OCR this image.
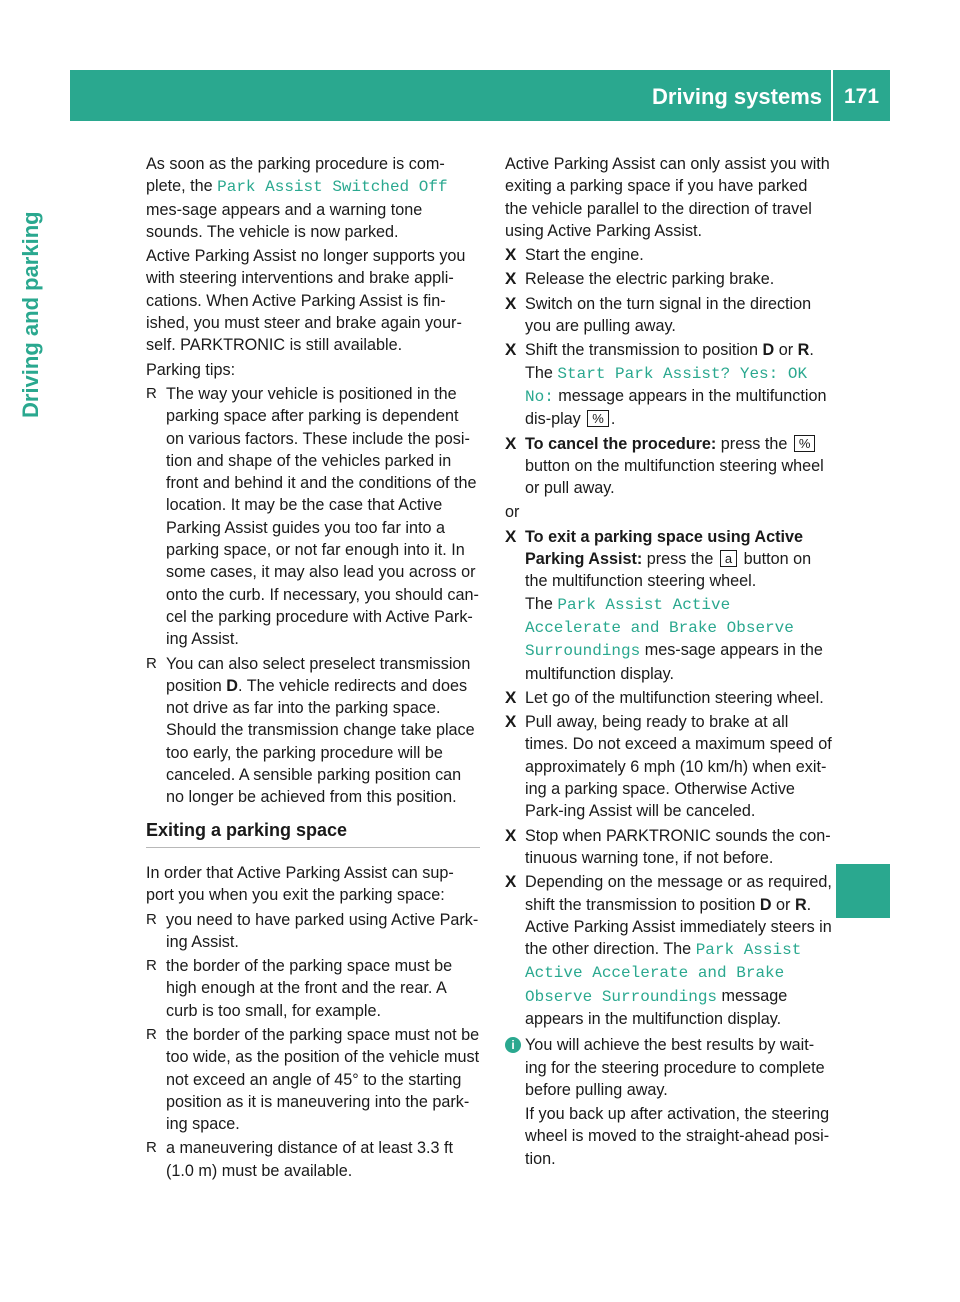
Driving systems	171
Driving and parking

As soon as the parking procedure is com-plete, the Park Assist Switched Off mes-sage appears and a warning tone sounds. The vehicle is now parked.

Active Parking Assist no longer supports you with steering interventions and brake appli-cations. When Active Parking Assist is fin-ished, you must steer and brake again your-self. PARKTRONIC is still available.

Parking tips:

R The way your vehicle is positioned in the parking space after parking is dependent on various factors. These include the posi-tion and shape of the vehicles parked in front and behind it and the conditions of the location. It may be the case that Active Parking Assist guides you too far into a parking space, or not far enough into it. In some cases, it may also lead you across or onto the curb. If necessary, you should can-cel the parking procedure with Active Park-ing Assist.
R You can also select preselect transmission position D. The vehicle redirects and does not drive as far into the parking space. Should the transmission change take place too early, the parking procedure will be canceled. A sensible parking position can no longer be achieved from this position.
Exiting a parking space

In order that Active Parking Assist can sup-port you when you exit the parking space:

R you need to have parked using Active Park-ing Assist.
R the border of the parking space must be high enough at the front and the rear. A curb is too small, for example.
R the border of the parking space must not be too wide, as the position of the vehicle must not exceed an angle of 45° to the starting position as it is maneuvering into the park-ing space.
R a maneuvering distance of at least 3.3 ft (1.0 m) must be available.

Active Parking Assist can only assist you with exiting a parking space if you have parked the vehicle parallel to the direction of travel using Active Parking Assist.

X Start the engine.
X Release the electric parking brake.
X Switch on the turn signal in the direction you are pulling away.
X Shift the transmission to position D or R.
The Start Park Assist? Yes: OK No: message appears in the multifunction dis-play % .
X To cancel the procedure: press the % button on the multifunction steering wheel or pull away.

or

X To exit a parking space using Active Parking Assist: press the a button on the multifunction steering wheel.
The Park Assist Active Accelerate and Brake Observe Surroundings mes-sage appears in the multifunction display.
X Let go of the multifunction steering wheel.
X Pull away, being ready to brake at all times. Do not exceed a maximum speed of approximately 6 mph (10 km/h) when exit-ing a parking space. Otherwise Active Park-ing Assist will be canceled.
X Stop when PARKTRONIC sounds the con-tinuous warning tone, if not before.
X Depending on the message or as required, shift the transmission to position D or R.
Active Parking Assist immediately steers in the other direction. The Park Assist Active Accelerate and Brake Observe Surroundings message appears in the multifunction display.
i You will achieve the best results by wait-ing for the steering procedure to complete before pulling away.

If you back up after activation, the steering wheel is moved to the straight-ahead posi-tion.
